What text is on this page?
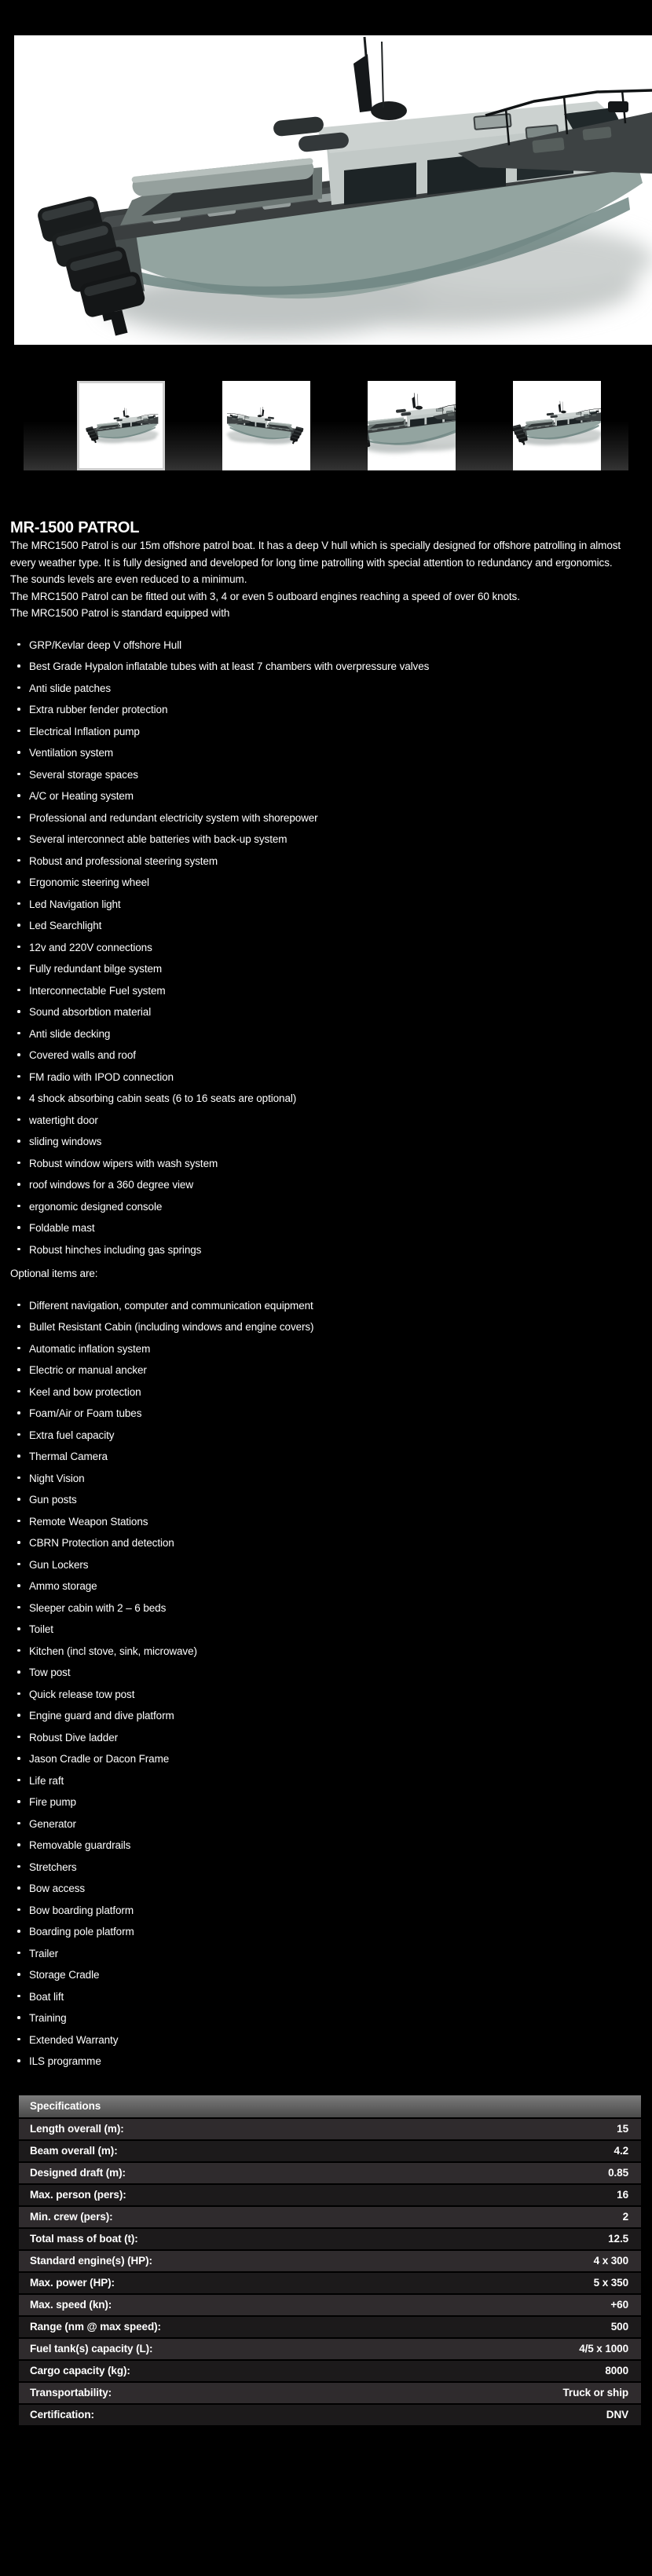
MR-1500 PATROL

The MRC1500 Patrol is our 15m offshore patrol boat. It has a deep V hull which is specially designed for offshore patrolling in almost every weather type. It is fully designed and developed for long time patrolling with special attention to redundancy and ergonomics. The sounds levels are even reduced to a minimum.

The MRC1500 Patrol can be fitted out with 3, 4 or even 5 outboard engines reaching a speed of over 60 knots.

The MRC1500 Patrol is standard equipped with

GRP/Kevlar deep V offshore Hull
Best Grade Hypalon inflatable tubes with at least 7 chambers with overpressure valves
Anti slide patches
Extra rubber fender protection
Electrical Inflation pump
Ventilation system
Several storage spaces
A/C or Heating system
Professional and redundant electricity system with shorepower
Several interconnect able batteries with back-up system
Robust and professional steering system
Ergonomic steering wheel
Led Navigation light
Led Searchlight
12v and 220V connections
Fully redundant bilge system
Interconnectable Fuel system
Sound absorbtion material
Anti slide decking
Covered walls and roof
FM radio with IPOD connection
4 shock absorbing cabin seats (6 to 16 seats are optional)
watertight door
sliding windows
Robust window wipers with wash system
roof windows for a 360 degree view
ergonomic designed console
Foldable mast
Robust hinches including gas springs

Optional items are:

Different navigation, computer and communication equipment
Bullet Resistant Cabin (including windows and engine covers)
Automatic inflation system
Electric or manual ancker
Keel and bow protection
Foam/Air or Foam tubes
Extra fuel capacity
Thermal Camera
Night Vision
Gun posts
Remote Weapon Stations
CBRN Protection and detection
Gun Lockers
Ammo storage
Sleeper cabin with 2 – 6 beds
Toilet
Kitchen (incl stove, sink, microwave)
Tow post
Quick release tow post
Engine guard and dive platform
Robust Dive ladder
Jason Cradle or Dacon Frame
Life raft
Fire pump
Generator
Removable guardrails
Stretchers
Bow access
Bow boarding platform
Boarding pole platform
Trailer
Storage Cradle
Boat lift
Training
Extended Warranty
ILS programme
Specifications
Length overall (m):	15
Beam overall (m):	4.2
Designed draft (m):	0.85
Max. person (pers):	16
Min. crew (pers):	2
Total mass of boat (t):	12.5
Standard engine(s) (HP):	4 x 300
Max. power (HP):	5 x 350
Max. speed (kn):	+60
Range (nm @ max speed):	500
Fuel tank(s) capacity (L):	4/5 x 1000
Cargo capacity (kg):	8000
Transportability:	Truck or ship
Certification:	DNV
